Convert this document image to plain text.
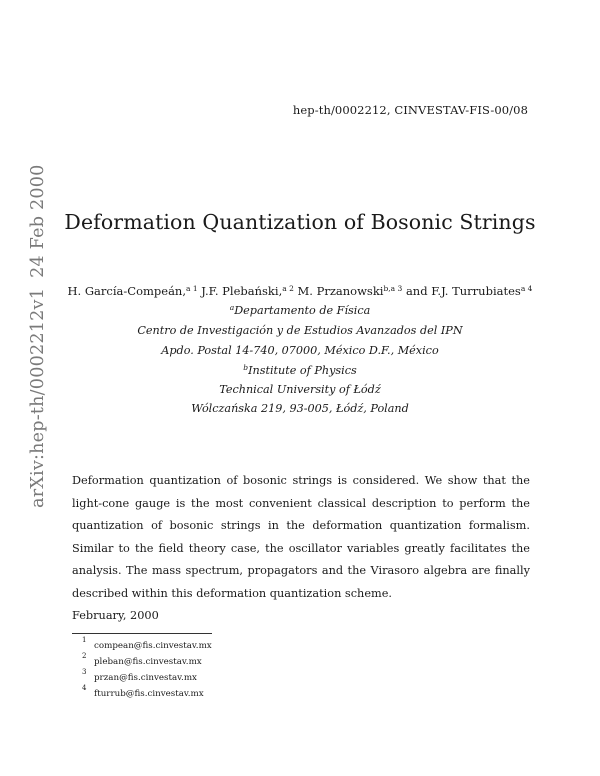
hep-th/0002212, CINVESTAV-FIS-00/08
arXiv:hep-th/0002212v124 Feb 2000 Deformation Quantization of Bosonic Strings
H. García-Compeán,$^{a 1}$ J.F. Plebański,$^{a 2}$ M. Przanowski$^{b,a 3}$ and F.J. Turrubiates$^{a 4}$
$^a$Departamento de Física
Centro de Investigación y de Estudios Avanzados del IPN
Apdo. Postal 14-740, 07000, México D.F., México
$^b$Institute of Physics
Technical University of Łódź
Wólczańska 219, 93-005, Łódź, Poland
Deformation quantization of bosonic strings is considered. We show that the light-cone gauge is the most convenient classical description to perform the quantization of bosonic strings in the deformation quantization formalism. Similar to the field theory case, the oscillator variables greatly facilitates the analysis. The mass spectrum, propagators and the Virasoro algebra are finally described within this deformation quantization scheme.
February, 2000
1
compean@fis.cinvestav.mx
2
pleban@fis.cinvestav.mx
3
przan@fis.cinvestav.mx
4
fturrub@fis.cinvestav.mx
